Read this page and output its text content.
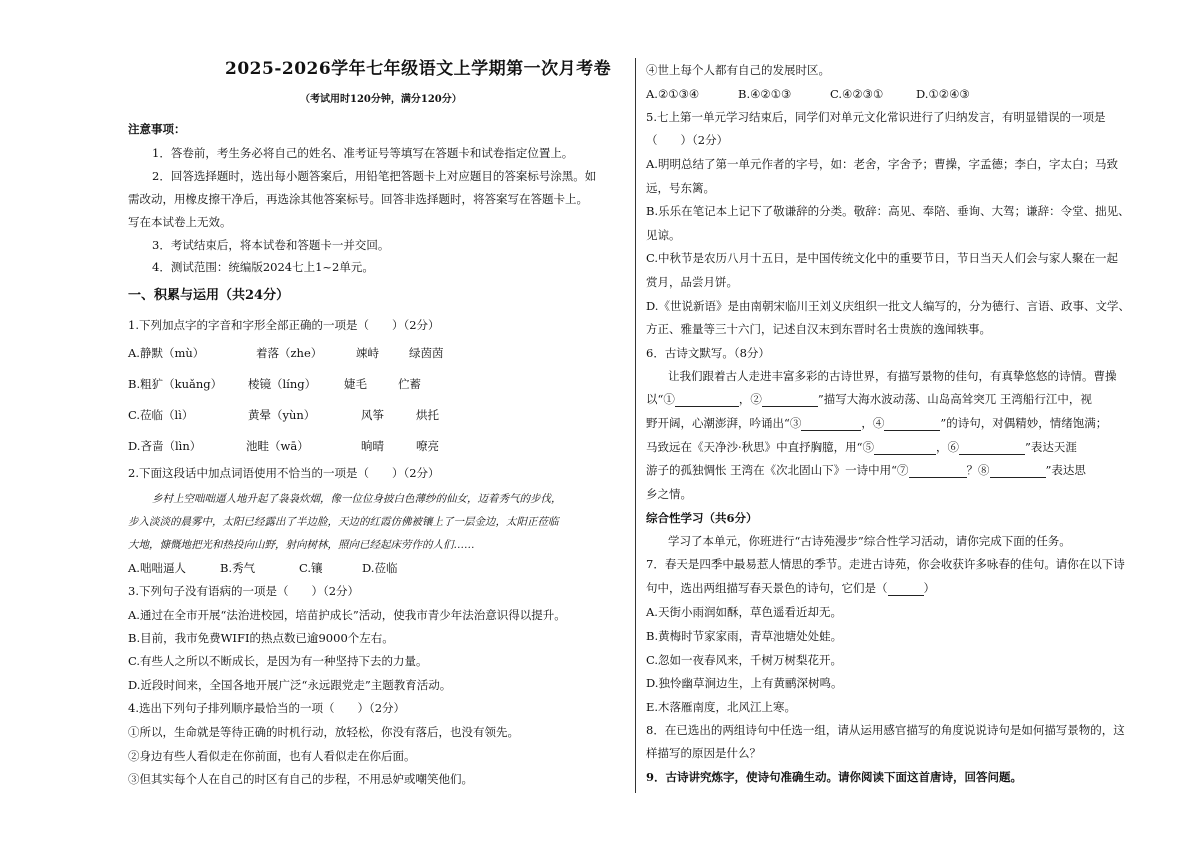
2025-2026学年七年级语文上学期第一次月考卷
（考试用时120分钟，满分120分）
注意事项：
1．答卷前，考生务必将自己的姓名、准考证号等填写在答题卡和试卷指定位置上。
2．回答选择题时，选出每小题答案后，用铅笔把答题卡上对应题目的答案标号涂黑。如
需改动，用橡皮擦干净后，再选涂其他答案标号。回答非选择题时，将答案写在答题卡上。
写在本试卷上无效。
3．考试结束后，将本试卷和答题卡一并交回。
4．测试范围：统编版2024七上1~2单元。
一、积累与运用（共24分）
1.下列加点字的字音和字形全部正确的一项是（　　）（2分）
A.静默（mù）	着落（zhe）	竦峙	绿茵茵
B.粗犷（kuǎng） 棱镜（líng） 婕毛	伫蓄
C.莅临（lì）	黄晕（yùn）	风筝	烘托
D.吝啬（lìn）	池畦（wā）	晌晴	嘹亮
2.下面这段话中加点词语使用不恰当的一项是（　　）（2分）
乡村上空咄咄逼人地升起了袅袅炊烟，像一位位身披白色薄纱的仙女，迈着秀气的步伐，
步入淡淡的晨雾中，太阳已经露出了半边脸，天边的红霞仿佛被镶上了一层金边，太阳正莅临
大地，慷慨地把光和热投向山野，射向树林，照向已经起床劳作的人们……
A.咄咄逼人	B.秀气	C.镶	D.莅临
3.下列句子没有语病的一项是（　　）（2分）
A.通过在全市开展“法治进校园，培苗护成长”活动，使我市青少年法治意识得以提升。
B.目前，我市免费WIFI的热点数已逾9000个左右。
C.有些人之所以不断成长，是因为有一种坚持下去的力量。
D.近段时间来，全国各地开展广泛“永远跟党走”主题教育活动。
4.选出下列句子排列顺序最恰当的一项（　　）（2分）
①所以，生命就是等待正确的时机行动，放轻松，你没有落后，也没有领先。
②身边有些人看似走在你前面，也有人看似走在你后面。
③但其实每个人在自己的时区有自己的步程，不用忌妒或嘲笑他们。
④世上每个人都有自己的发展时区。
A.②①③④	B.④②①③	C.④②③①	D.①②④③
5.七上第一单元学习结束后，同学们对单元文化常识进行了归纳发言，有明显错误的一项是
（　　）（2分）
A.明明总结了第一单元作者的字号，如：老舍，字舍予；曹操，字孟德；李白，字太白；马致
远，号东篱。
B.乐乐在笔记本上记下了敬谦辞的分类。敬辞：高见、奉陪、垂询、大驾；谦辞：令堂、拙见、
见谅。
C.中秋节是农历八月十五日，是中国传统文化中的重要节日，节日当天人们会与家人聚在一起
赏月，品尝月饼。
D.《世说新语》是由南朝宋临川王刘义庆组织一批文人编写的，分为德行、言语、政事、文学、
方正、雅量等三十六门，记述自汉末到东晋时名士贵族的逸闻轶事。
6．古诗文默写。（8分）
让我们跟着古人走进丰富多彩的古诗世界，有描写景物的佳句，有真挚悠悠的诗情。曹操
以“①	，②	”描写大海水波动荡、山岛高耸突兀 王湾船行江中，视
野开阔，心潮澎湃，吟诵出“③	，④	”的诗句，对偶精妙，情绪饱满；
马致远在《天净沙·秋思》中直抒胸臆，用“⑤	，⑥	”表达天涯
游子的孤独惆怅 王湾在《次北固山下》一诗中用“⑦	？⑧	”表达思
乡之情。
综合性学习（共6分）
学习了本单元，你班进行“古诗苑漫步”综合性学习活动，请你完成下面的任务。
7．春天是四季中最易惹人情思的季节。走进古诗苑，你会收获许多咏春的佳句。请你在以下诗
句中，选出两组描写春天景色的诗句，它们是（	）
A.天街小雨润如酥，草色遥看近却无。
B.黄梅时节家家雨，青草池塘处处蛙。
C.忽如一夜春风来，千树万树梨花开。
D.独怜幽草涧边生，上有黄鹂深树鸣。
E.木落雁南度，北风江上寒。
8．在已选出的两组诗句中任选一组，请从运用感官描写的角度说说诗句是如何描写景物的，这
样描写的原因是什么？
9．古诗讲究炼字，使诗句准确生动。请你阅读下面这首唐诗，回答问题。
